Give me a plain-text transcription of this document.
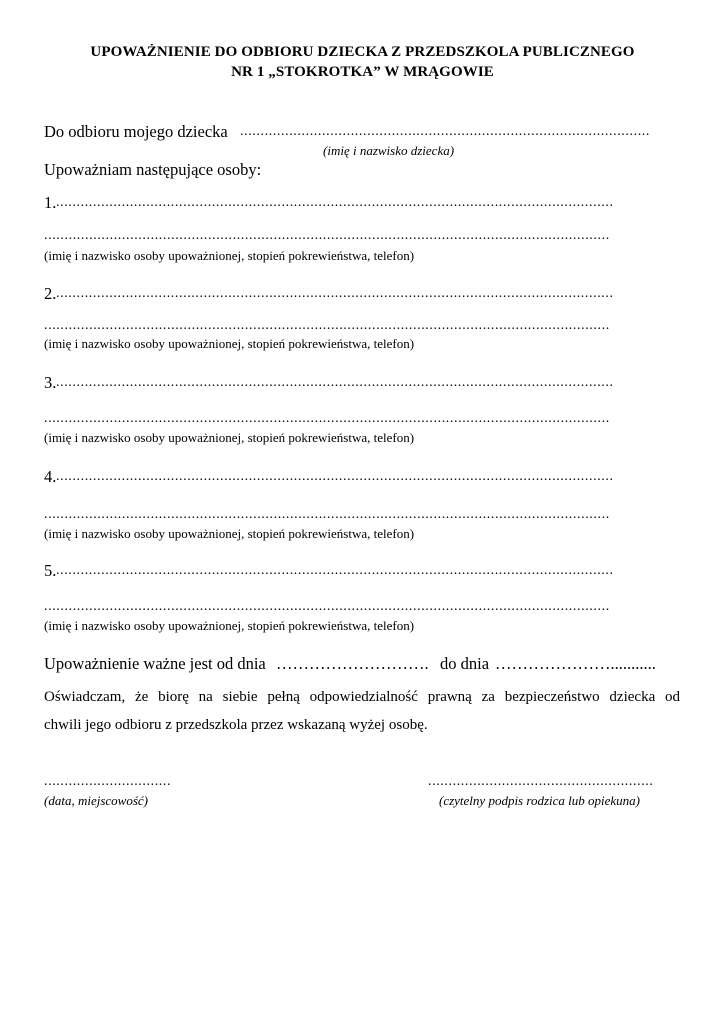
UPOWAŻNIENIE DO ODBIORU DZIECKA Z PRZEDSZKOLA PUBLICZNEGO
NR 1 „STOKROTKA” W MRĄGOWIE
Do odbioru mojego dziecka ....................................................................................................
(imię i nazwisko dziecka)
Upoważniam następujące osoby:
1. ........................................................................................................................................
..........................................................................................................................................
(imię i nazwisko osoby upoważnionej, stopień pokrewieństwa, telefon)
2. ........................................................................................................................................
..........................................................................................................................................
(imię i nazwisko osoby upoważnionej, stopień pokrewieństwa, telefon)
3. ........................................................................................................................................
..........................................................................................................................................
(imię i nazwisko osoby upoważnionej, stopień pokrewieństwa, telefon)
4. ........................................................................................................................................
..........................................................................................................................................
(imię i nazwisko osoby upoważnionej, stopień pokrewieństwa, telefon)
5. ........................................................................................................................................
..........................................................................................................................................
(imię i nazwisko osoby upoważnionej, stopień pokrewieństwa, telefon)
Upoważnienie ważne jest od dnia ………………………. do dnia …………………...........
Oświadczam, że biorę na siebie pełną odpowiedzialność prawną za bezpieczeństwo dziecka od
chwili jego odbioru z przedszkola przez wskazaną wyżej osobę.
...............................
(data, miejscowość)
.......................................................
(czytelny podpis rodzica lub opiekuna)
